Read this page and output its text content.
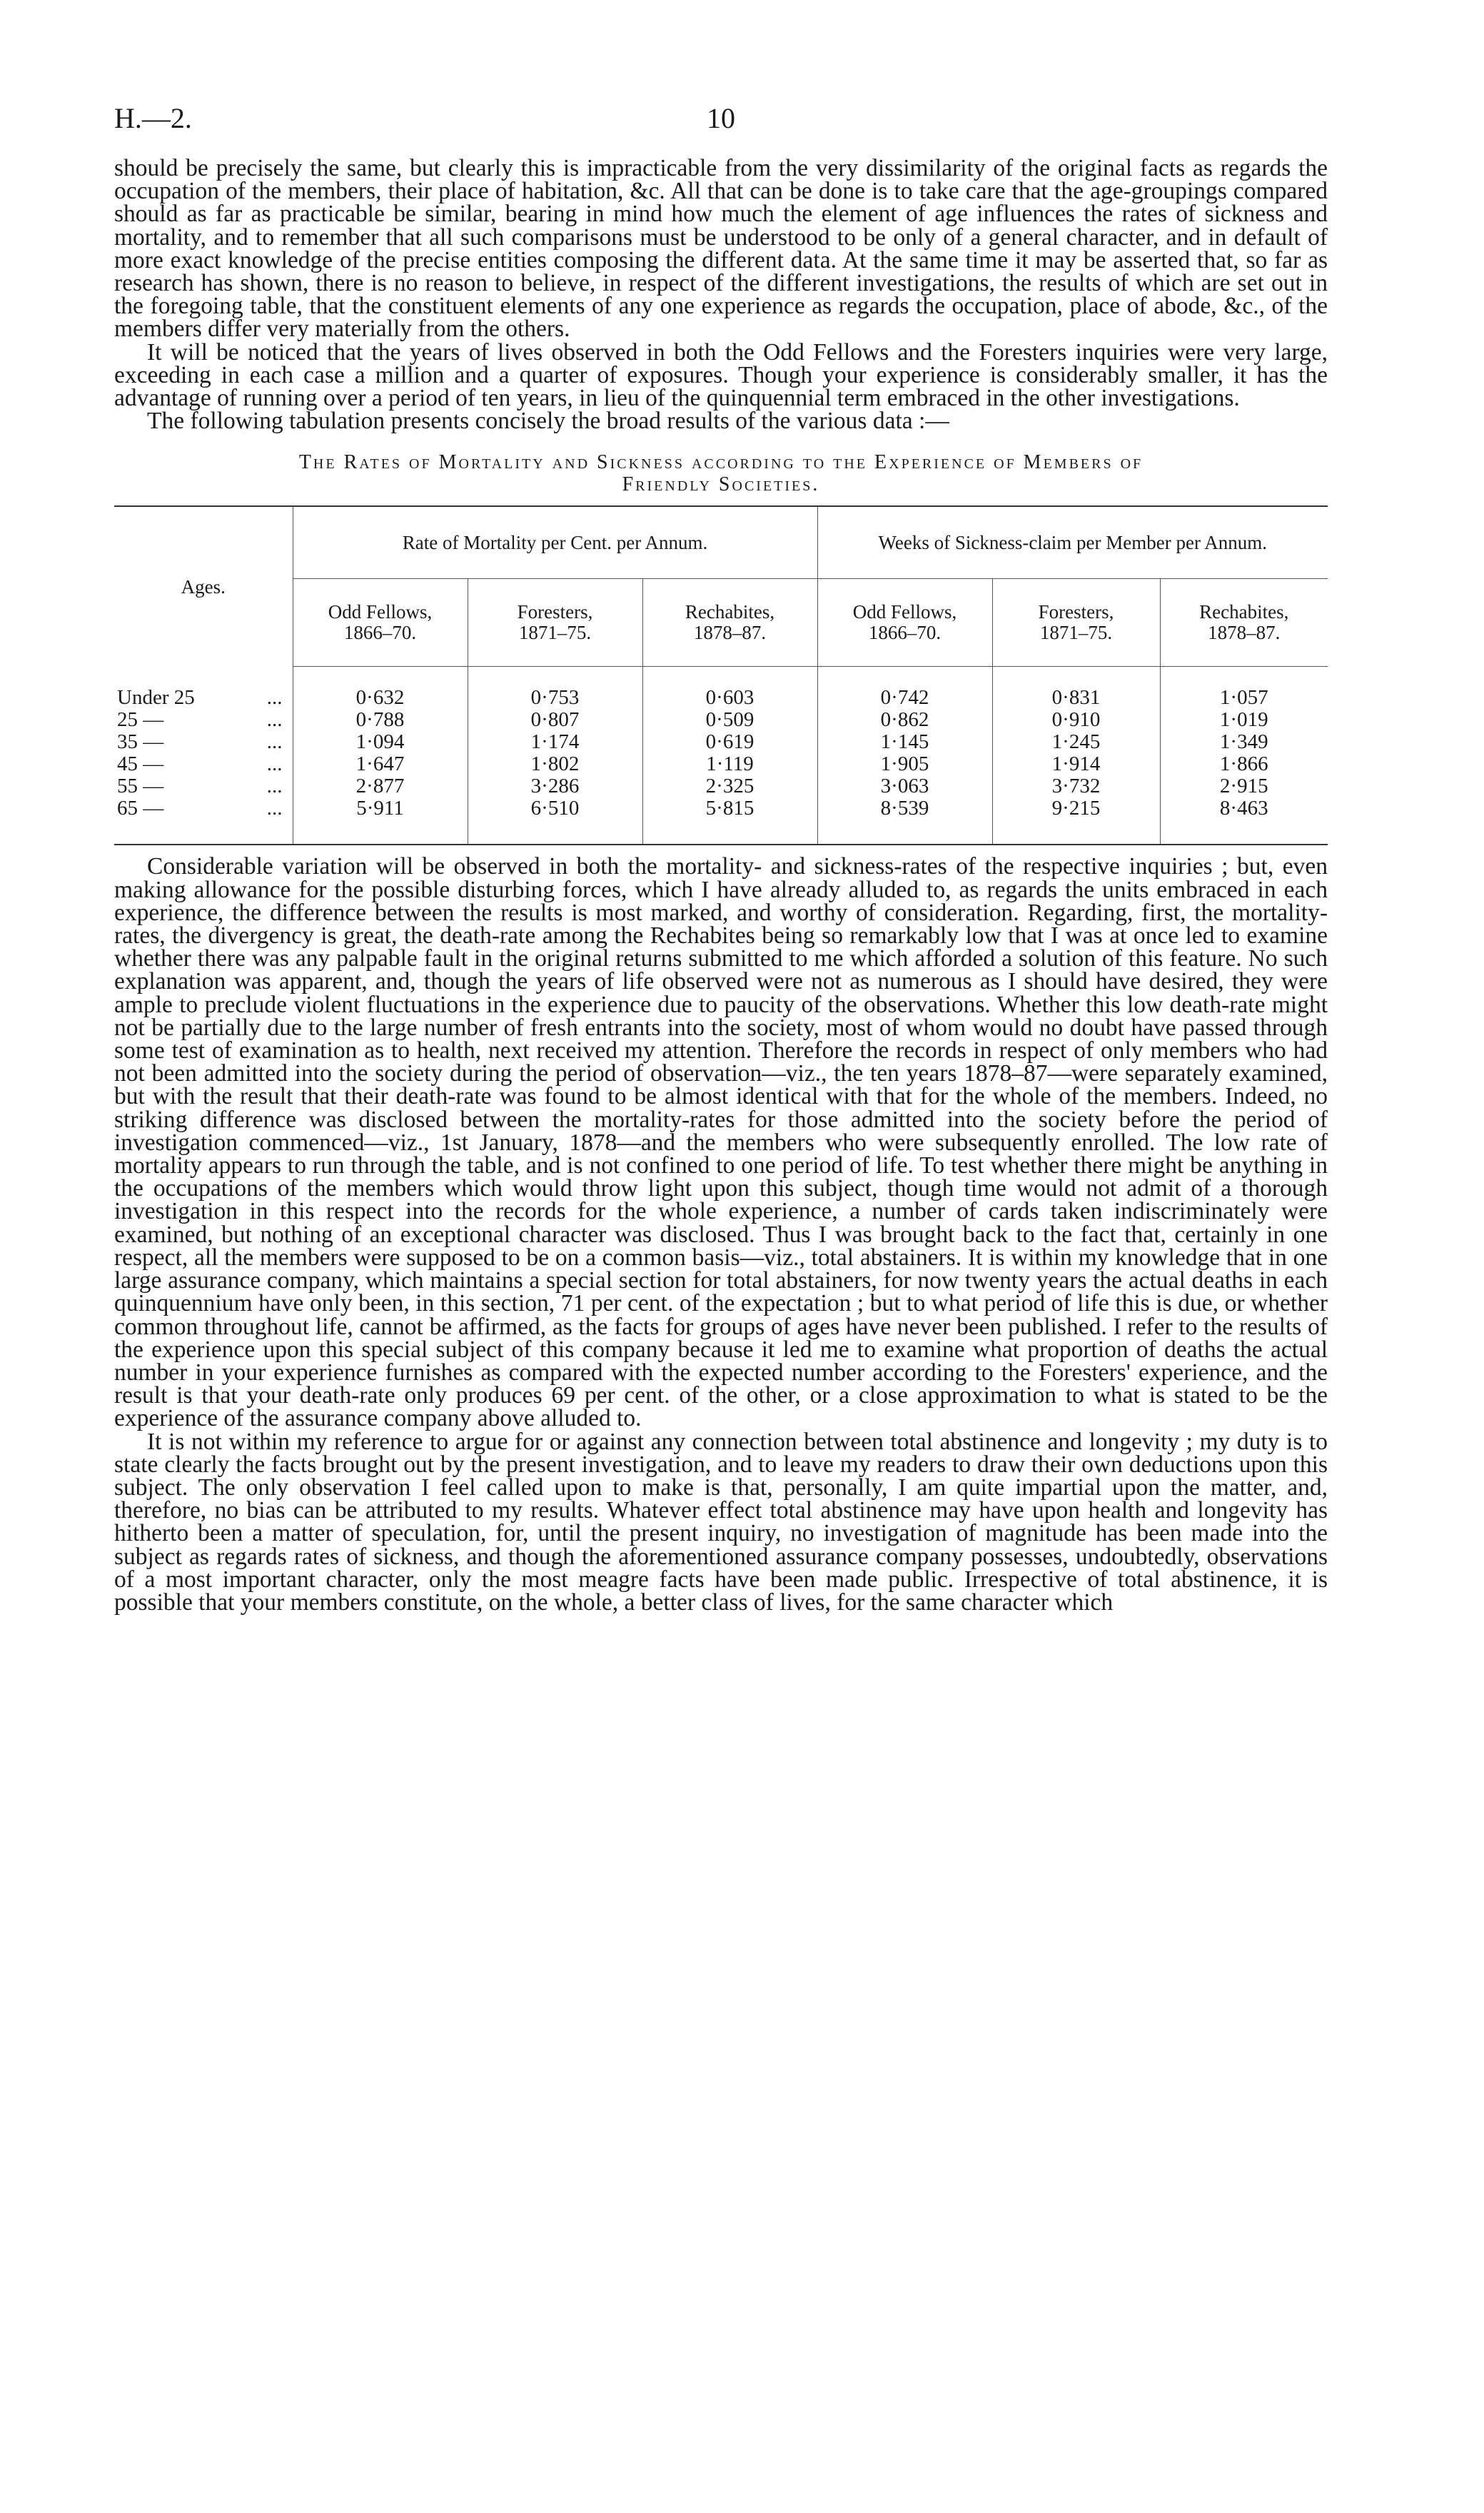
H.—2.	10

should be precisely the same, but clearly this is impracticable from the very dissimilarity of the original facts as regards the occupation of the members, their place of habitation, &c. All that can be done is to take care that the age-groupings compared should as far as practicable be similar, bearing in mind how much the element of age influences the rates of sickness and mortality, and to remember that all such comparisons must be understood to be only of a general character, and in default of more exact knowledge of the precise entities composing the different data. At the same time it may be asserted that, so far as research has shown, there is no reason to believe, in respect of the different investigations, the results of which are set out in the foregoing table, that the constituent elements of any one experience as regards the occupation, place of abode, &c., of the members differ very materially from the others.

It will be noticed that the years of lives observed in both the Odd Fellows and the Foresters inquiries were very large, exceeding in each case a million and a quarter of exposures. Though your experience is considerably smaller, it has the advantage of running over a period of ten years, in lieu of the quinquennial term embraced in the other investigations.

The following tabulation presents concisely the broad results of the various data :—

The Rates of Mortality and Sickness according to the Experience of Members of
Friendly Societies.
Ages.	Rate of Mortality per Cent. per Annum.			Weeks of Sickness-claim per Member per Annum.		
	Odd Fellows,
1866–70.	Foresters,
1871–75.	Rechabites,
1878–87.	Odd Fellows,
1866–70.	Foresters,
1871–75.	Rechabites,
1878–87.
Under 25 ...	0·632	0·753	0·603	0·742	0·831	1·057
25 — ...	0·788	0·807	0·509	0·862	0·910	1·019
35 — ...	1·094	1·174	0·619	1·145	1·245	1·349
45 — ...	1·647	1·802	1·119	1·905	1·914	1·866
55 — ...	2·877	3·286	2·325	3·063	3·732	2·915
65 — ...	5·911	6·510	5·815	8·539	9·215	8·463

Considerable variation will be observed in both the mortality- and sickness-rates of the respective inquiries ; but, even making allowance for the possible disturbing forces, which I have already alluded to, as regards the units embraced in each experience, the difference between the results is most marked, and worthy of consideration. Regarding, first, the mortality-rates, the divergency is great, the death-rate among the Rechabites being so remarkably low that I was at once led to examine whether there was any palpable fault in the original returns submitted to me which afforded a solution of this feature. No such explanation was apparent, and, though the years of life observed were not as numerous as I should have desired, they were ample to preclude violent fluctuations in the experience due to paucity of the observations. Whether this low death-rate might not be partially due to the large number of fresh entrants into the society, most of whom would no doubt have passed through some test of examination as to health, next received my attention. Therefore the records in respect of only members who had not been admitted into the society during the period of observation—viz., the ten years 1878–87—were separately examined, but with the result that their death-rate was found to be almost identical with that for the whole of the members. Indeed, no striking difference was disclosed between the mortality-rates for those admitted into the society before the period of investigation commenced—viz., 1st January, 1878—and the members who were subsequently enrolled. The low rate of mortality appears to run through the table, and is not confined to one period of life. To test whether there might be anything in the occupations of the members which would throw light upon this subject, though time would not admit of a thorough investigation in this respect into the records for the whole experience, a number of cards taken indiscriminately were examined, but nothing of an exceptional character was disclosed. Thus I was brought back to the fact that, certainly in one respect, all the members were supposed to be on a common basis—viz., total abstainers. It is within my knowledge that in one large assurance company, which maintains a special section for total abstainers, for now twenty years the actual deaths in each quinquennium have only been, in this section, 71 per cent. of the expectation ; but to what period of life this is due, or whether common throughout life, cannot be affirmed, as the facts for groups of ages have never been published. I refer to the results of the experience upon this special subject of this company because it led me to examine what proportion of deaths the actual number in your experience furnishes as compared with the expected number according to the Foresters' experience, and the result is that your death-rate only produces 69 per cent. of the other, or a close approximation to what is stated to be the experience of the assurance company above alluded to.

It is not within my reference to argue for or against any connection between total abstinence and longevity ; my duty is to state clearly the facts brought out by the present investigation, and to leave my readers to draw their own deductions upon this subject. The only observation I feel called upon to make is that, personally, I am quite impartial upon the matter, and, therefore, no bias can be attributed to my results. Whatever effect total abstinence may have upon health and longevity has hitherto been a matter of speculation, for, until the present inquiry, no investigation of magnitude has been made into the subject as regards rates of sickness, and though the aforementioned assurance company possesses, undoubtedly, observations of a most important character, only the most meagre facts have been made public. Irrespective of total abstinence, it is possible that your members constitute, on the whole, a better class of lives, for the same character which
